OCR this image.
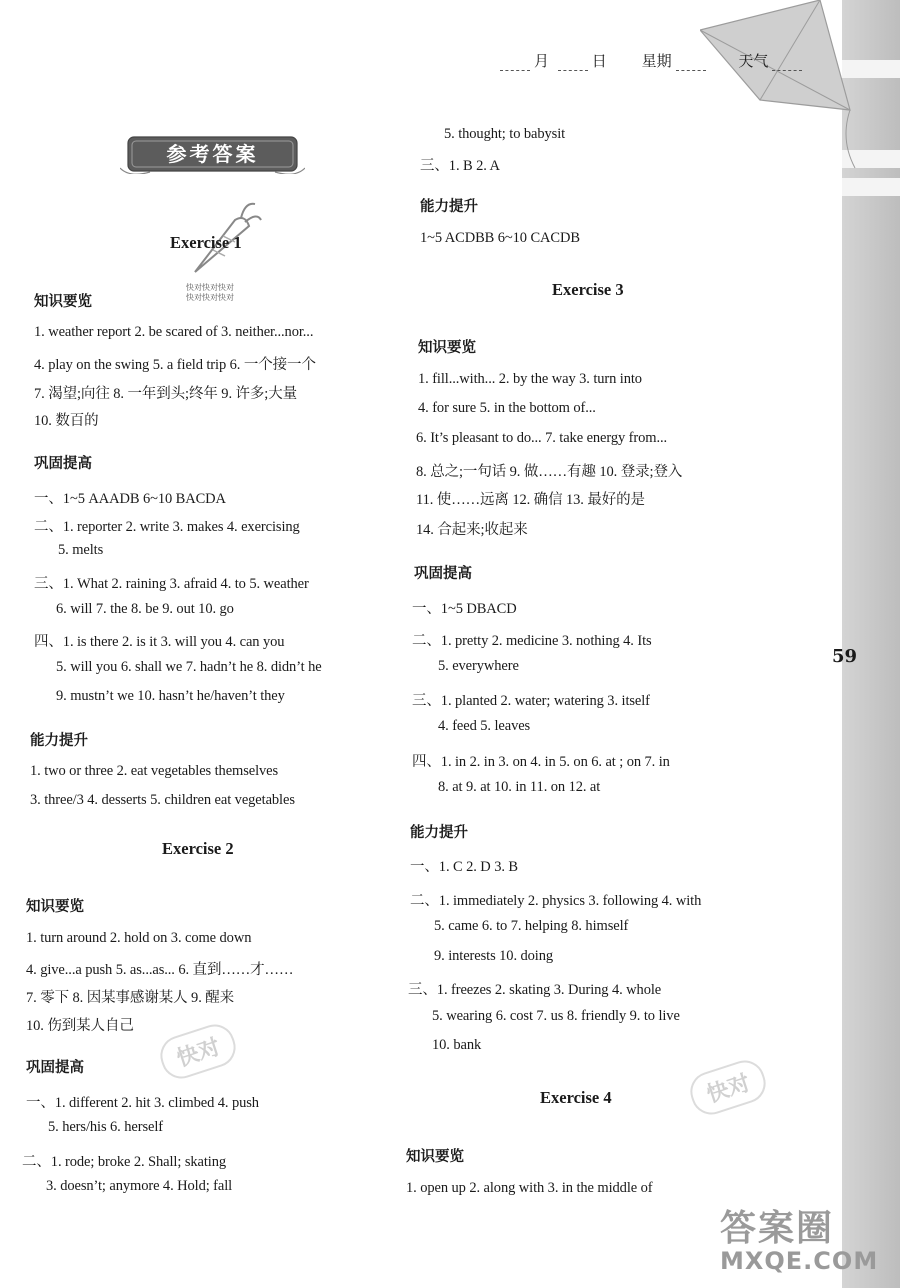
59
月	日 星期	天气
参考答案
快对快对快对
快对快对快对
Exercise 1
知识要览
1. weather report 2. be scared of 3. neither...nor...
4. play on the swing 5. a field trip 6. 一个接一个
7. 渴望;向往 8. 一年到头;终年 9. 许多;大量
10. 数百的
巩固提高
一、1~5 AAADB 6~10 BACDA
二、1. reporter 2. write 3. makes 4. exercising
5. melts
三、1. What 2. raining 3. afraid 4. to 5. weather
6. will 7. the 8. be 9. out 10. go
四、1. is there 2. is it 3. will you 4. can you
5. will you 6. shall we 7. hadn’t he 8. didn’t he
9. mustn’t we 10. hasn’t he/haven’t they
能力提升
1. two or three 2. eat vegetables themselves
3. three/3 4. desserts 5. children eat vegetables
Exercise 2
知识要览
1. turn around 2. hold on 3. come down
4. give...a push 5. as...as... 6. 直到……才……
7. 零下 8. 因某事感谢某人 9. 醒来
10. 伤到某人自己
巩固提高
一、1. different 2. hit 3. climbed 4. push
5. hers/his 6. herself
二、1. rode; broke 2. Shall; skating
3. doesn’t; anymore 4. Hold; fall
5. thought; to babysit
三、1. B 2. A
能力提升
1~5 ACDBB 6~10 CACDB
Exercise 3
知识要览
1. fill...with... 2. by the way 3. turn into
4. for sure 5. in the bottom of...
6. It’s pleasant to do... 7. take energy from...
8. 总之;一句话 9. 做……有趣 10. 登录;登入
11. 使……远离 12. 确信 13. 最好的是
14. 合起来;收起来
巩固提高
一、1~5 DBACD
二、1. pretty 2. medicine 3. nothing 4. Its
5. everywhere
三、1. planted 2. water; watering 3. itself
4. feed 5. leaves
四、1. in 2. in 3. on 4. in 5. on 6. at ; on 7. in
8. at 9. at 10. in 11. on 12. at
能力提升
一、1. C 2. D 3. B
二、1. immediately 2. physics 3. following 4. with
5. came 6. to 7. helping 8. himself
9. interests 10. doing
三、1. freezes 2. skating 3. During 4. whole
5. wearing 6. cost 7. us 8. friendly 9. to live
10. bank
Exercise 4
知识要览
1. open up 2. along with 3. in the middle of
快对
快对
答案圈
MXQE.COM
